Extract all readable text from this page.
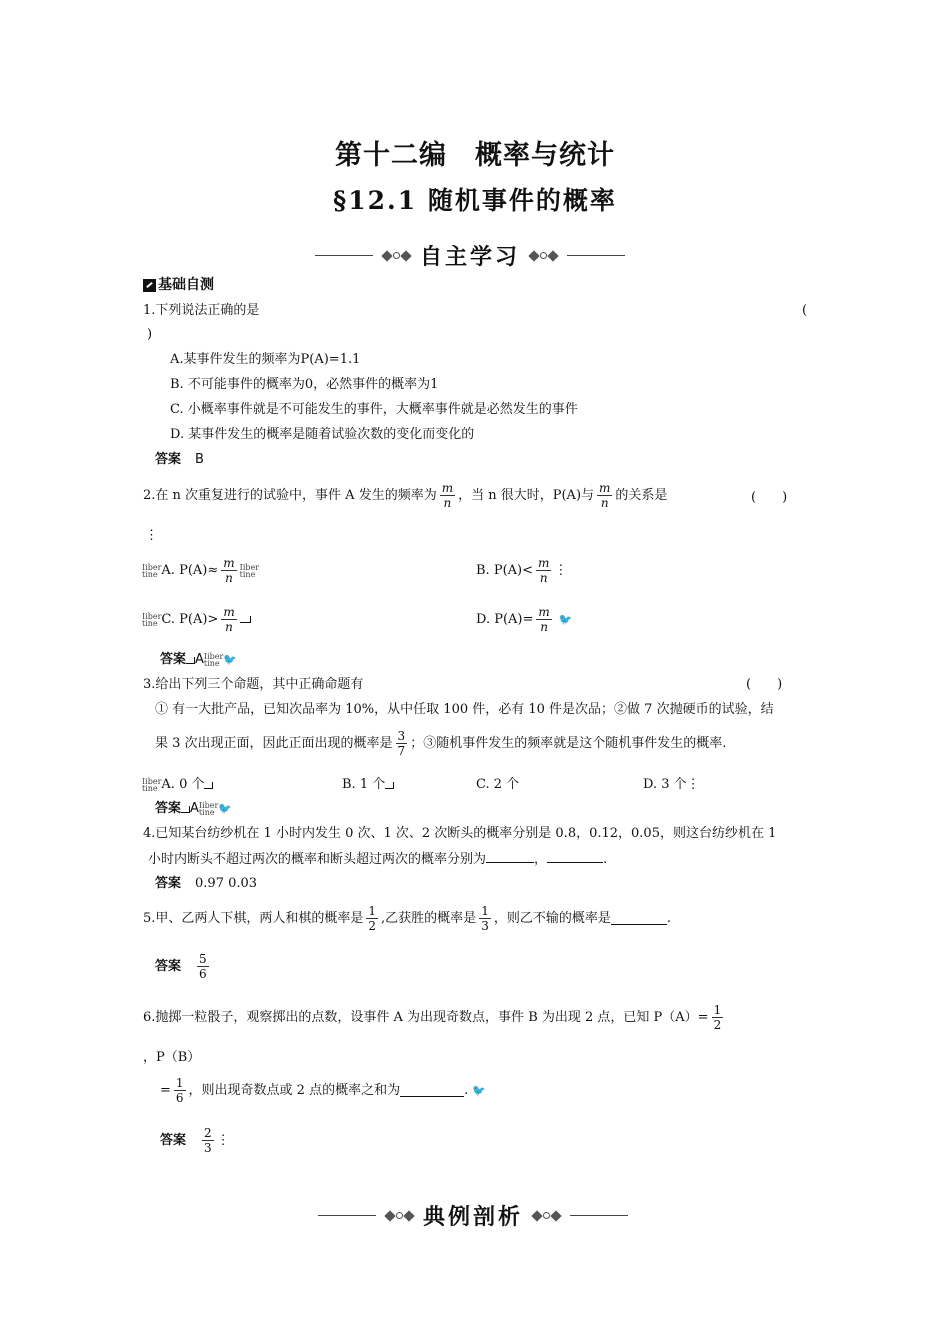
第十二编　概率与统计
§12.1 随机事件的概率
自主学习
基础自测
1.下列说法正确的是	(
)
A.某事件发生的频率为P(A)=1.1
B. 不可能事件的概率为0，必然事件的概率为1
C. 小概率事件就是不可能发生的事件，大概率事件就是必然发生的事件
D. 某事件发生的概率是随着试验次数的变化而变化的
答案 B
2.在 n 次重复进行的试验中，事件 A 发生的频率为 $\frac{m}{n}$ ，当 n 很大时，P(A)与 $\frac{m}{n}$ 的关系是	(　　)
⋮
Iiber
tine A. $P(A)\approx \frac{m}{n}$ Iiber
tine	B. $P(A)< \frac{m}{n}$ ⋮
Iiber
tine C. $P(A)> \frac{m}{n}$	D. $P(A)= \frac{m}{n}$ 🐦
答案 A Iiber
tine 🐦
3.给出下列三个命题，其中正确命题有	(　　)
① 有一大批产品，已知次品率为 10%，从中任取 100 件，必有 10 件是次品；②做 7 次抛硬币的试验，结
果 3 次出现正面，因此正面出现的概率是 $\frac{3}{7}$ ；③随机事件发生的频率就是这个随机事件发生的概率.
Iiber
tine A. 0 个	B. 1 个	C. 2 个	D. 3 个 ⋮
答案 A Iiber
tine 🐦
4.已知某台纺纱机在 1 小时内发生 0 次、1 次、2 次断头的概率分别是 0.8，0.12，0.05，则这台纺纱机在 1
小时内断头不超过两次的概率和断头超过两次的概率分别为	，	.
答案 0.97 0.03
5.甲、乙两人下棋，两人和棋的概率是 $\frac{1}{2}$ ,乙获胜的概率是 $\frac{1}{3}$ ，则乙不输的概率是	.
答案 $\frac{5}{6}$
6.抛掷一粒骰子，观察掷出的点数，设事件 A 为出现奇数点，事件 B 为出现 2 点，已知 $P(A)= \frac{1}{2}$
，P（B）
= $\frac{1}{6}$ ，则出现奇数点或 2 点的概率之和为	. 🐦
答案 $\frac{2}{3}$ ⋮
典例剖析
